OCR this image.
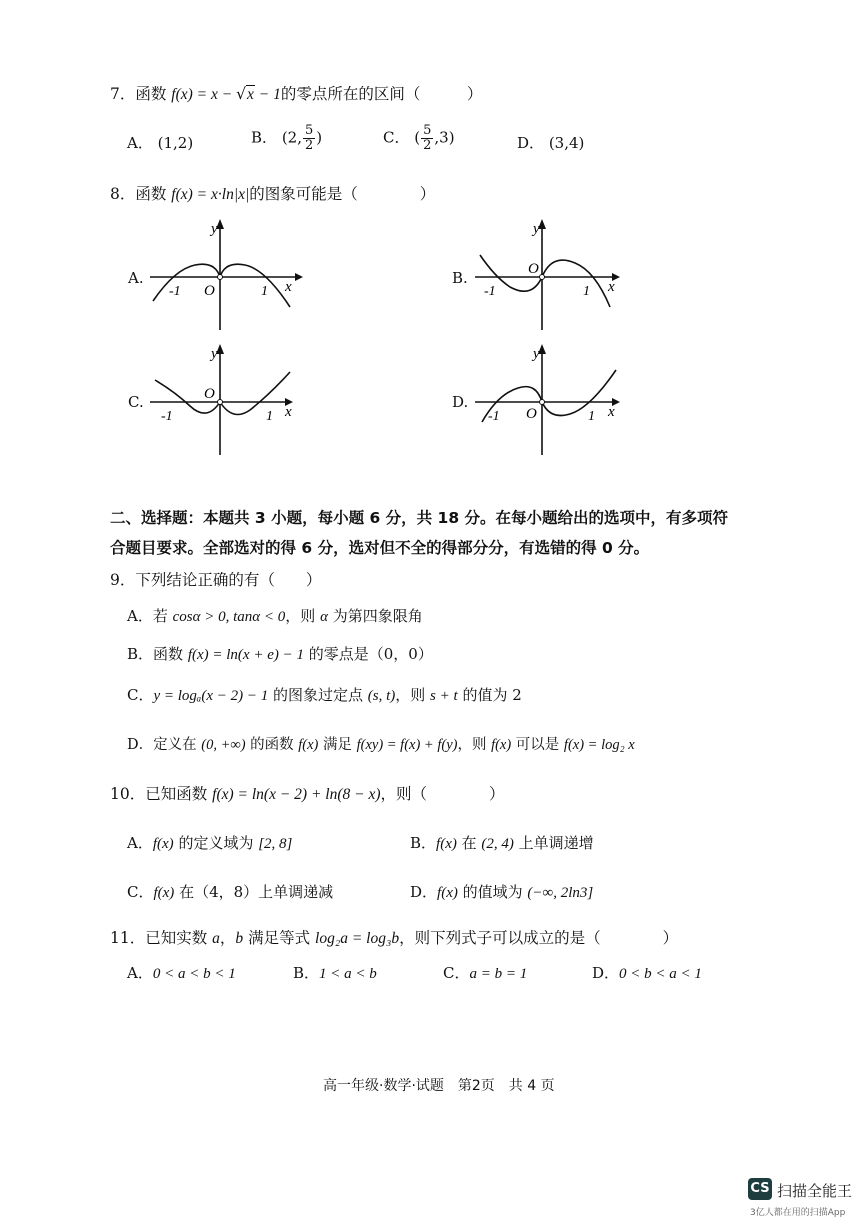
7．函数 f(x) = x − √x − 1的零点所在的区间（　　　）
A． (1,2)	B． (2, $\frac{5}{2}$ )	C． ( $\frac{5}{2} ,3$)	D． (3,4)
8．函数 f(x) = x·ln|x|的图象可能是（　　　　）
A.
y
x
O
-1	1
B.
y
x
O
-1	1
C.
y
x
O
-1	1
D.
y
x
O
-1	1
二、选择题：本题共 3 小题，每小题 6 分，共 18 分。在每小题给出的选项中，有多项符
合题目要求。全部选对的得 6 分，选对但不全的得部分分，有选错的得 0 分。
9．下列结论正确的有（　　）
A．若 cosα > 0, tanα < 0，则 α 为第四象限角
B．函数 f(x) = ln(x + e) − 1 的零点是（0，0）
C．y = logₐ(x − 2) − 1 的图象过定点 (s, t)，则 s + t 的值为 2
D．定义在 (0, +∞) 的函数 f(x) 满足 f(xy) = f(x) + f(y)，则 f(x) 可以是 f(x) = log₂ x
10．已知函数 f(x) = ln(x − 2) + ln(8 − x)，则（　　　　）
A．f(x) 的定义域为 [2, 8]	B．f(x) 在 (2, 4) 上单调递增
C．f(x) 在（4，8）上单调递减	D．f(x) 的值域为 (−∞, 2ln3]
11．已知实数 a，b 满足等式 log₂a = log₃b，则下列式子可以成立的是（　　　　）
A．0 < a < b < 1	B．1 < a < b	C．a = b = 1	D．0 < b < a < 1
高一年级·数学·试题　第2页　共 4 页
CS 扫描全能王
3亿人都在用的扫描App
